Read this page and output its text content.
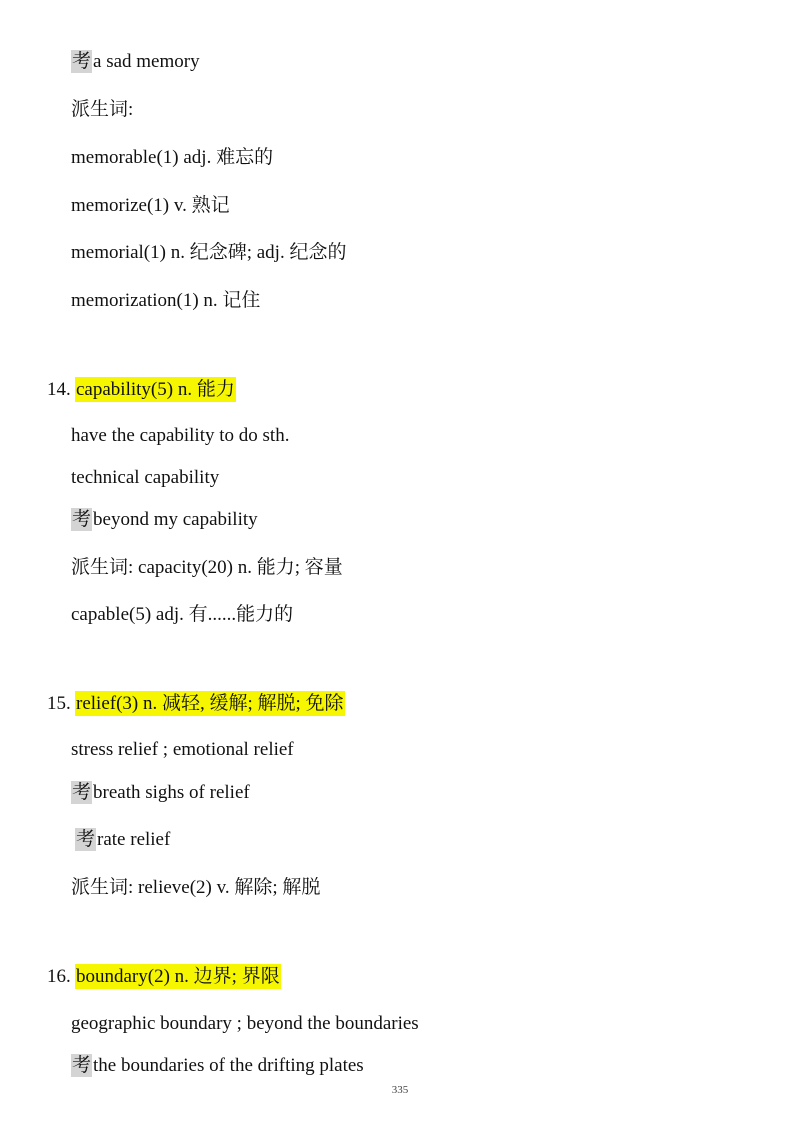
考 a sad memory
派生词:
memorable(1) adj. 难忘的
memorize(1) v. 熟记
memorial(1) n. 纪念碑; adj. 纪念的
memorization(1) n. 记住
14. capability(5) n. 能力
have the capability to do sth.
technical capability
考 beyond my capability
派生词: capacity(20) n. 能力; 容量
capable(5) adj. 有......能力的
15. relief(3) n. 减轻, 缓解; 解脱; 免除
stress relief ; emotional relief
考 breath sighs of relief
考 rate relief
派生词: relieve(2) v. 解除; 解脱
16. boundary(2) n. 边界; 界限
geographic boundary ; beyond the boundaries
考 the boundaries of the drifting plates
335
